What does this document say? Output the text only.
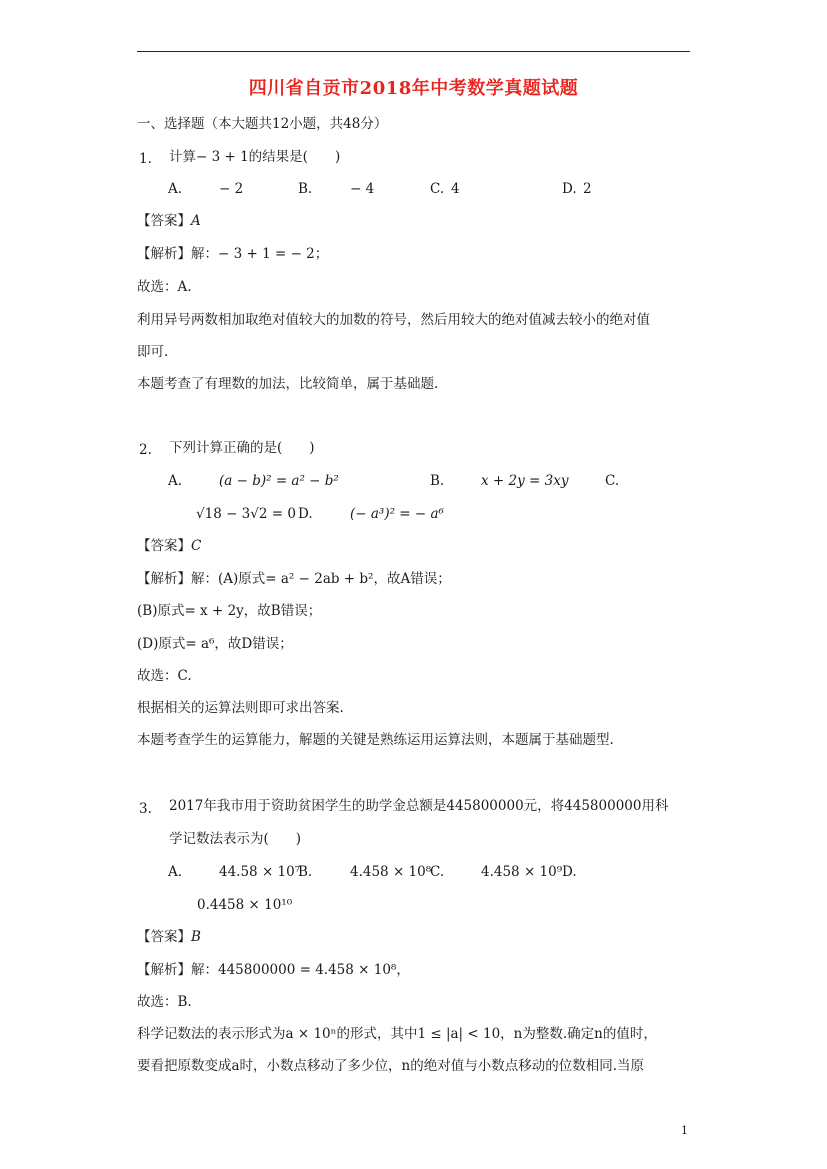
四川省自贡市2018年中考数学真题试题
一、选择题（本大题共12小题，共48分）
1. 计算− 3 + 1的结果是(　　)
A.	− 2	B.	− 4	C. 4	D. 2
【答案】A
【解析】解：− 3 + 1 = − 2；
故选：A.
利用异号两数相加取绝对值较大的加数的符号，然后用较大的绝对值减去较小的绝对值
即可.
本题考查了有理数的加法，比较简单，属于基础题.
2. 下列计算正确的是(　　)
A.	(a − b)² = a² − b²	B.	x + 2y = 3xy	C.
√18 − 3√2 = 0 D.	(− a³)² = − a⁶
【答案】C
【解析】解：(A)原式= a² − 2ab + b²，故A错误；
(B)原式= x + 2y，故B错误；
(D)原式= a⁶，故D错误；
故选：C.
根据相关的运算法则即可求出答案.
本题考查学生的运算能力，解题的关键是熟练运用运算法则，本题属于基础题型.
3. 2017年我市用于资助贫困学生的助学金总额是445800000元，将445800000用科
学记数法表示为(　　)
A.	44.58 × 10⁷
B.	4.458 × 10⁸
C.	4.458 × 10⁹ D.
0.4458 × 10¹⁰
【答案】B
【解析】解：445800000 = 4.458 × 10⁸，
故选：B.
科学记数法的表示形式为a × 10ⁿ的形式，其中1 ≤ |a| < 10，n为整数.确定n的值时，
要看把原数变成a时，小数点移动了多少位，n的绝对值与小数点移动的位数相同.当原
1
